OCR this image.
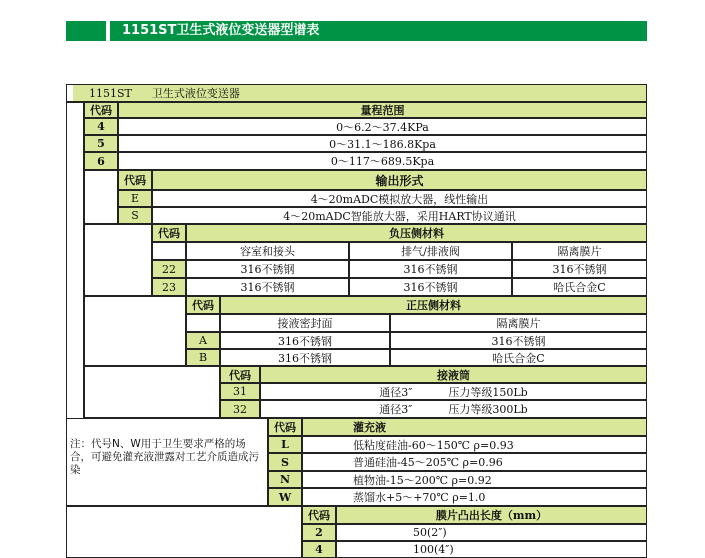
1151ST卫生式液位变送器型谱表
1151ST 卫生式液位变送器
注：代号N、W用于卫生要求严格的场合，可避免灌充液泄露对工艺介质造成污染
代码	量程范围
4	0～6.2～37.4KPa
5	0～31.1～186.8Kpa
6	0～117～689.5Kpa
代码	输出形式
E	4～20mADC模拟放大器，线性输出
S	4～20mADC智能放大器，采用HART协议通讯
代码	负压侧材料
容室和接头	排气/排液阀	隔离膜片
22	316不锈钢	316不锈钢	316不锈钢
23	316不锈钢	316不锈钢	哈氏合金C
代码	正压侧材料
接液密封面	隔离膜片
A	316不锈钢	316不锈钢
B	316不锈钢	哈氏合金C
代码	接液筒
31	通径3″	压力等级150Lb
32	通径3″	压力等级300Lb
代码	灌充液
L	低粘度硅油-60～150℃ ρ=0.93
S	普通硅油-45～205℃ ρ=0.96
N	植物油-15～200℃ ρ=0.92
W	蒸馏水+5～+70℃ ρ=1.0
代码	膜片凸出长度（mm）
2	50(2″)
4	100(4″)
